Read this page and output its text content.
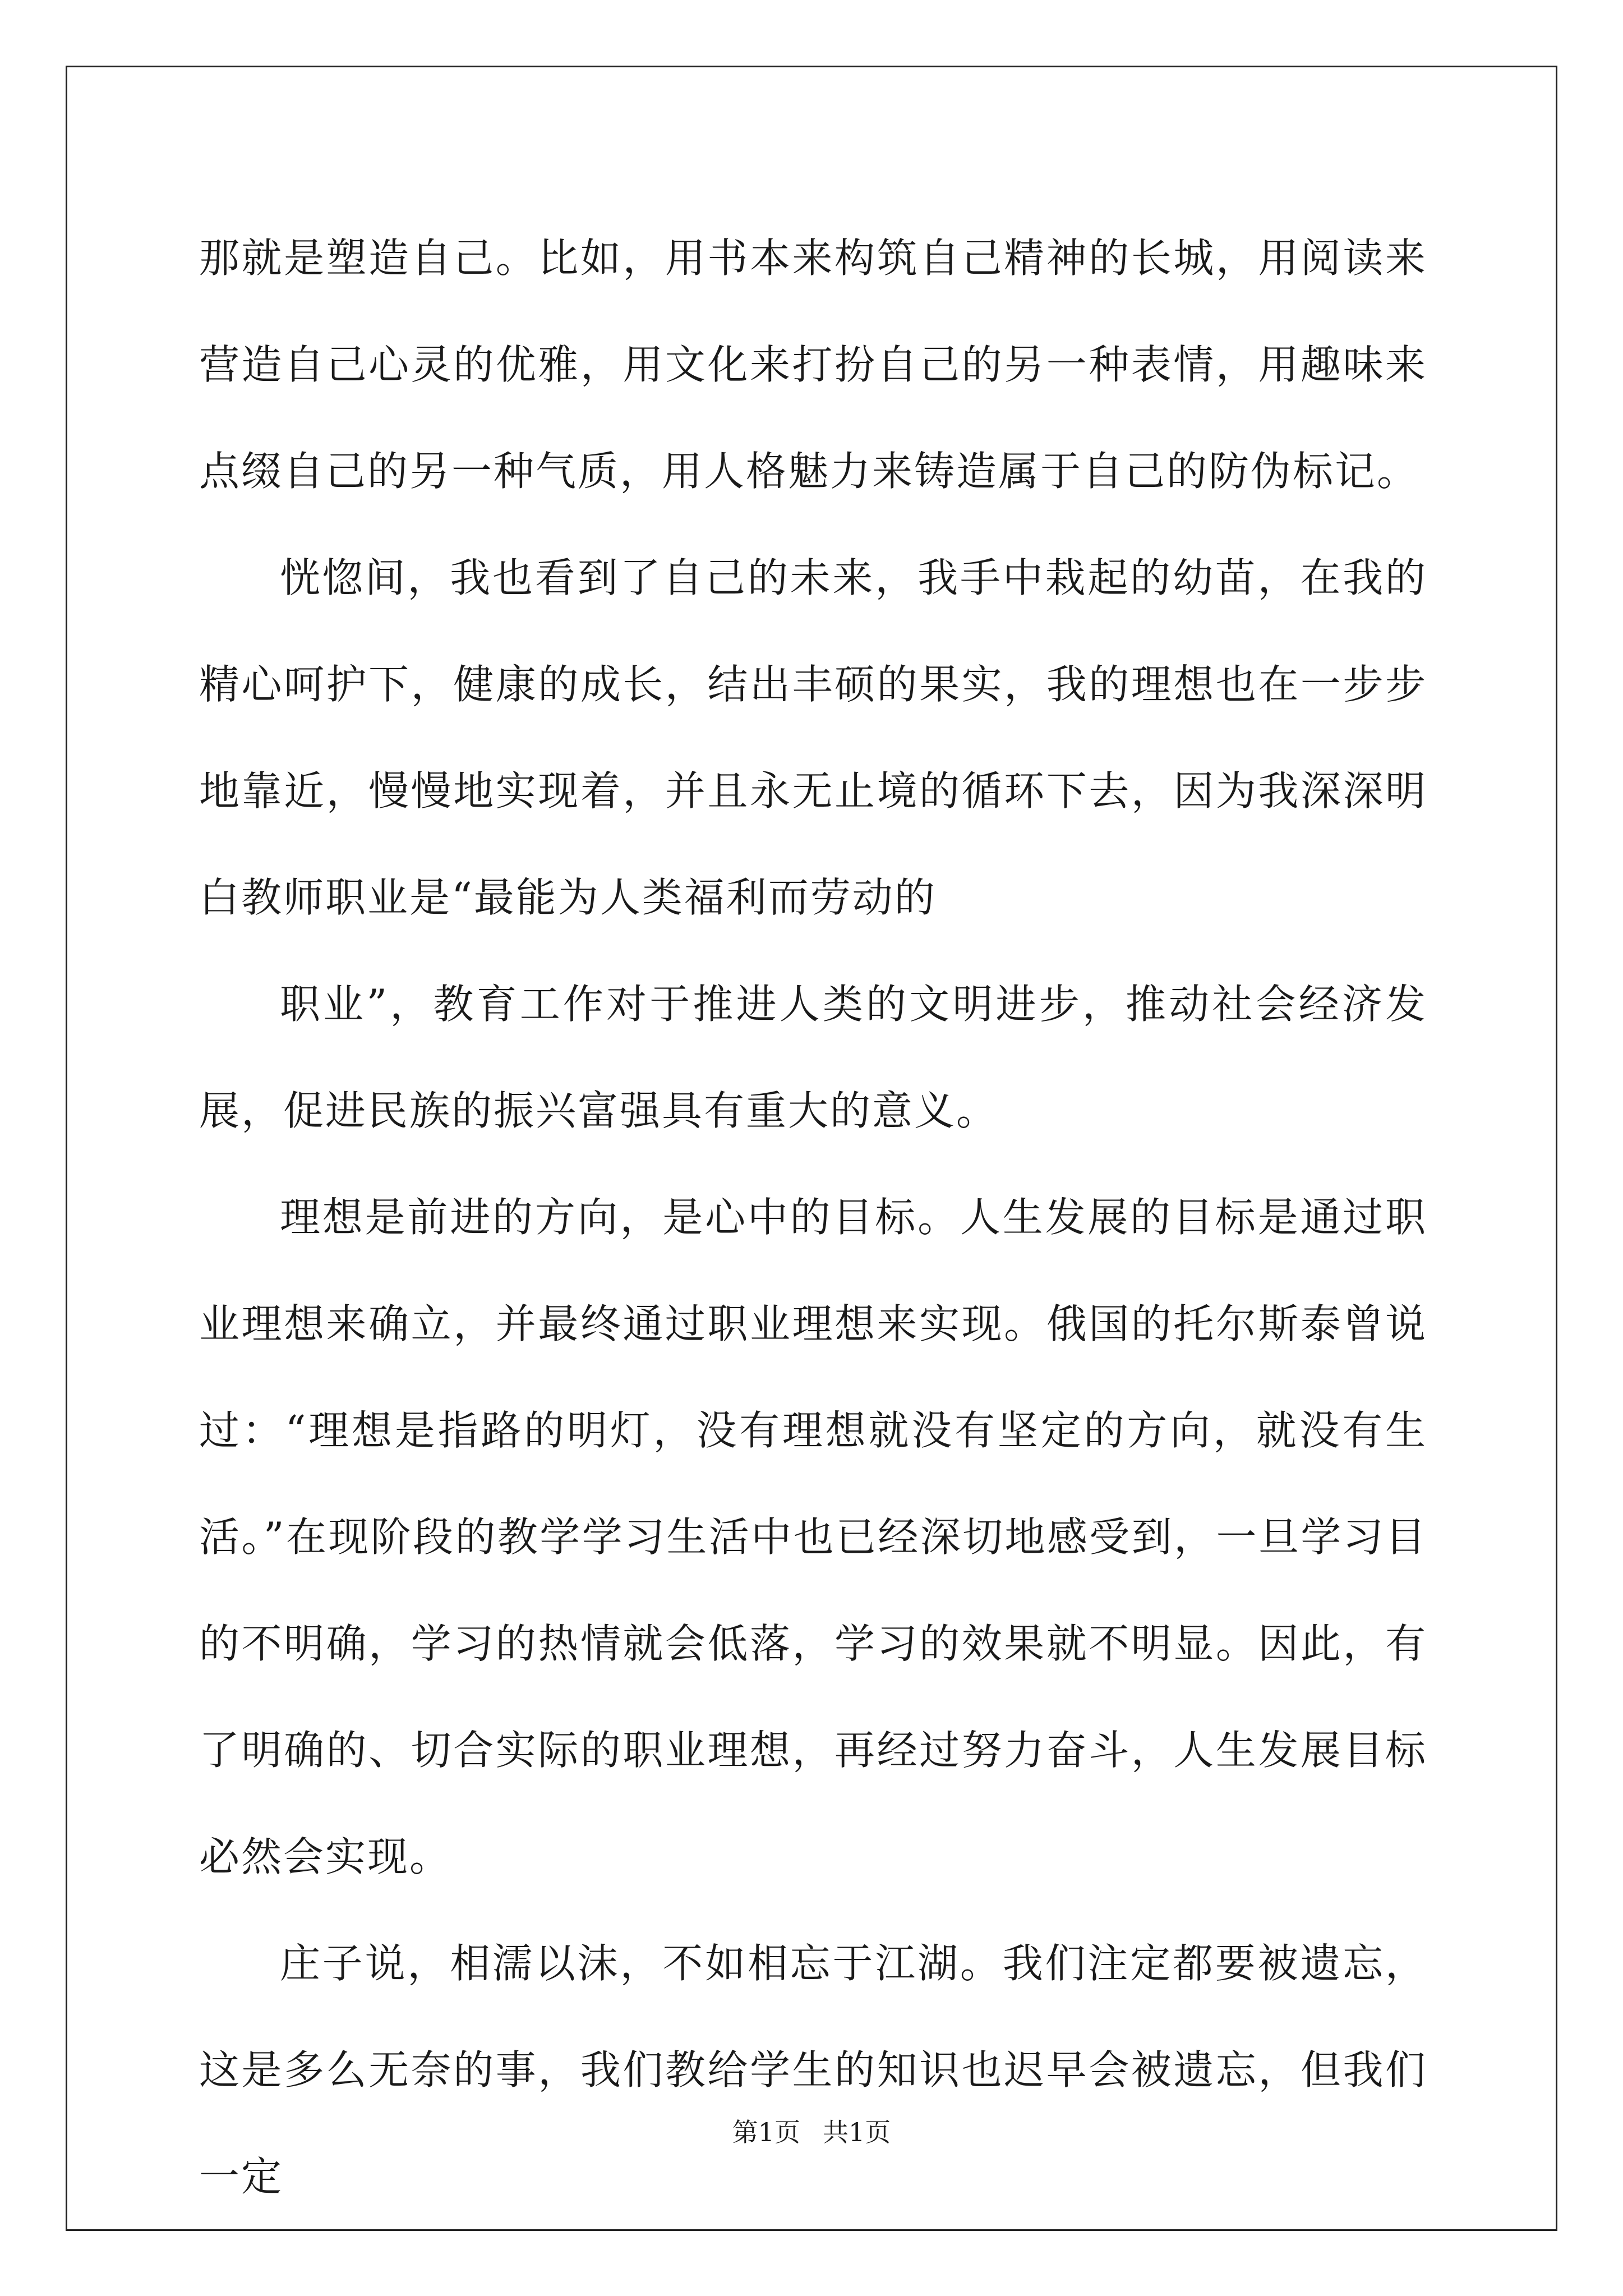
那就是塑造自己。比如，用书本来构筑自己精神的长城，用阅读来营造自己心灵的优雅，用文化来打扮自己的另一种表情，用趣味来点缀自己的另一种气质，用人格魅力来铸造属于自己的防伪标记。

恍惚间，我也看到了自己的未来，我手中栽起的幼苗，在我的精心呵护下，健康的成长，结出丰硕的果实，我的理想也在一步步地靠近，慢慢地实现着，并且永无止境的循环下去，因为我深深明白教师职业是“最能为人类福利而劳动的

职业”，教育工作对于推进人类的文明进步，推动社会经济发展，促进民族的振兴富强具有重大的意义。

理想是前进的方向，是心中的目标。人生发展的目标是通过职业理想来确立，并最终通过职业理想来实现。俄国的托尔斯泰曾说过：“理想是指路的明灯，没有理想就没有坚定的方向，就没有生活。”在现阶段的教学学习生活中也已经深切地感受到，一旦学习目的不明确，学习的热情就会低落，学习的效果就不明显。因此，有了明确的、切合实际的职业理想，再经过努力奋斗，人生发展目标必然会实现。

庄子说，相濡以沫，不如相忘于江湖。我们注定都要被遗忘，这是多么无奈的事，我们教给学生的知识也迟早会被遗忘，但我们一定

第1页 共1页
